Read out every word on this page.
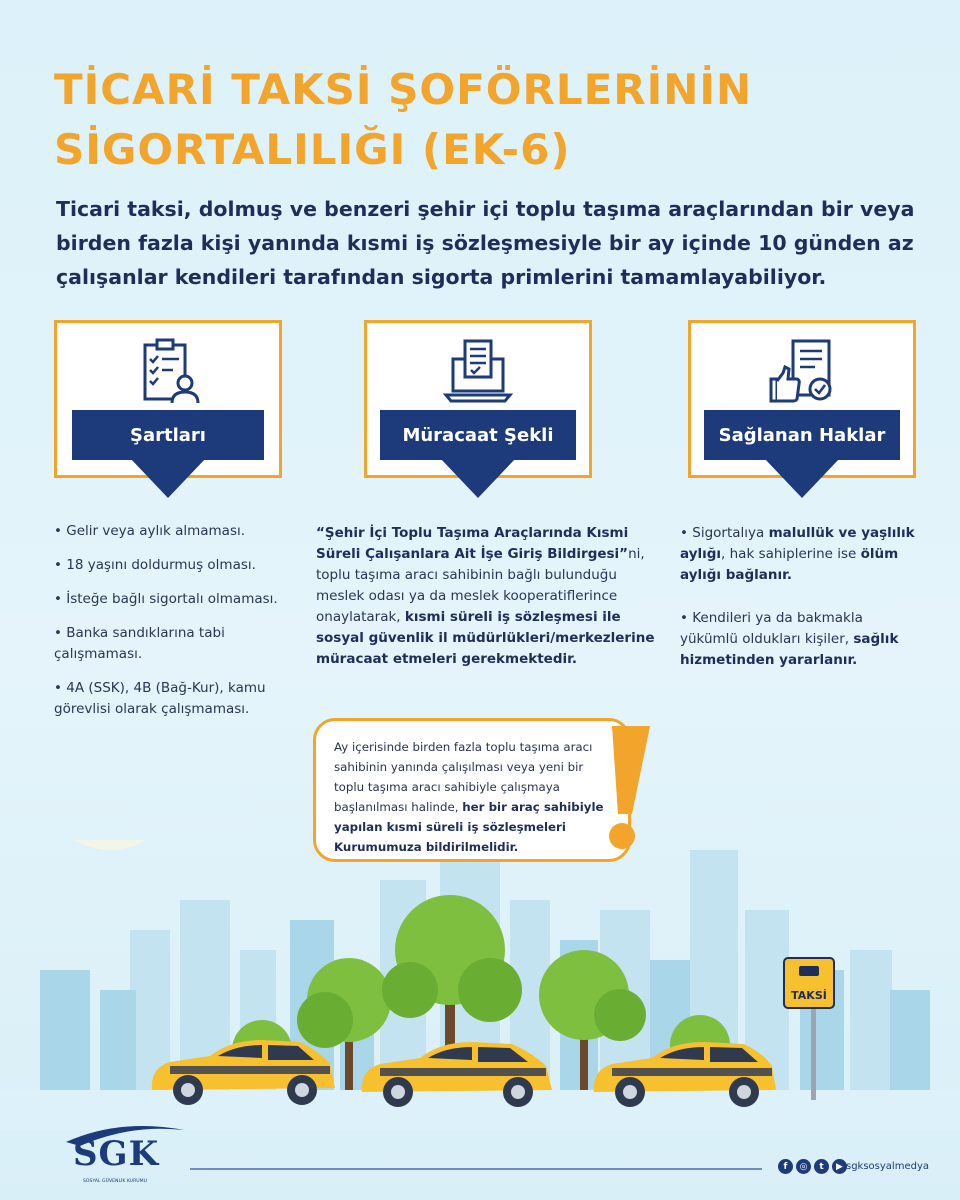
TİCARİ TAKSİ ŞOFÖRLERİNİN
SİGORTALILIĞI (EK-6)
Ticari taksi, dolmuş ve benzeri şehir içi toplu taşıma araçlarından bir veya
birden fazla kişi yanında kısmi iş sözleşmesiyle bir ay içinde 10 günden az
çalışanlar kendileri tarafından sigorta primlerini tamamlayabiliyor.
Şartları	Müracaat Şekli	Sağlanan Haklar

• Gelir veya aylık almaması.

• 18 yaşını doldurmuş olması.

• İsteğe bağlı sigortalı olmaması.

• Banka sandıklarına tabi çalışmaması.

• 4A (SSK), 4B (Bağ-Kur), kamu görevlisi olarak çalışmaması.

“Şehir İçi Toplu Taşıma Araçlarında Kısmi Süreli Çalışanlara Ait İşe Giriş Bildirgesi”ni, toplu taşıma aracı sahibinin bağlı bulunduğu meslek odası ya da meslek kooperatiflerince onaylatarak, kısmi süreli iş sözleşmesi ile sosyal güvenlik il müdürlükleri/merkezlerine müracaat etmeleri gerekmektedir.

• Sigortalıya malullük ve yaşlılık aylığı, hak sahiplerine ise ölüm aylığı bağlanır.

• Kendileri ya da bakmakla yükümlü oldukları kişiler, sağlık hizmetinden yararlanır.

TAKSİ
Ay içerisinde birden fazla toplu taşıma aracı sahibinin yanında çalışılması veya yeni bir toplu taşıma aracı sahibiyle çalışmaya başlanılması halinde, her bir araç sahibiyle yapılan kısmi süreli iş sözleşmeleri Kurumumuza bildirilmelidir.
SGK
SOSYAL GÜVENLİK KURUMU
f	◎	t	▶ sgksosyalmedya
